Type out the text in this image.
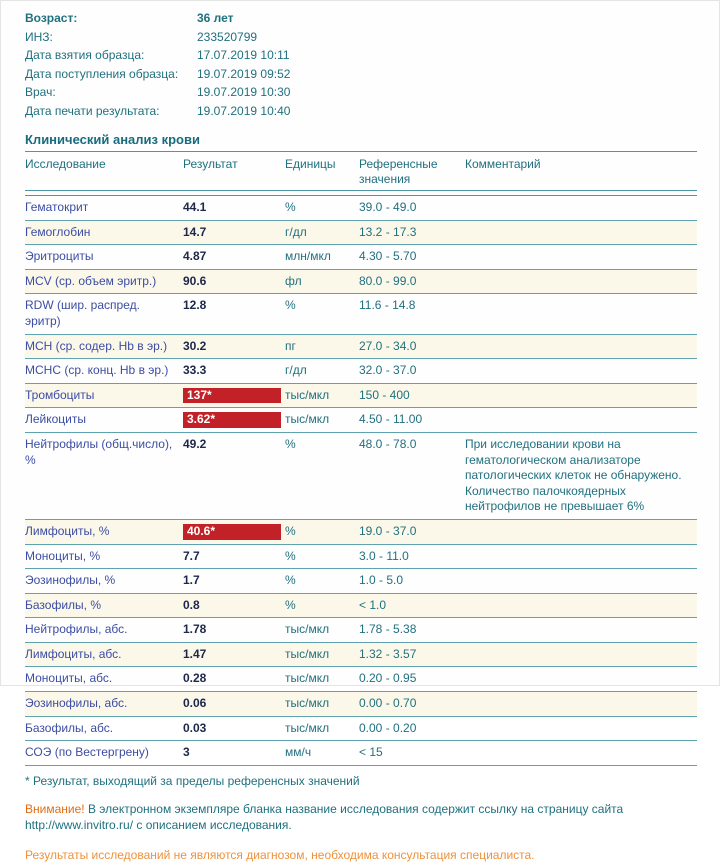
Возраст:	36 лет
ИНЗ:	233520799
Дата взятия образца:	17.07.2019 10:11
Дата поступления образца:	19.07.2019 09:52
Врач:	19.07.2019 10:30
Дата печати результата:	19.07.2019 10:40
Клинический анализ крови
Исследование	Результат	Единицы	Референсные значения	Комментарий

Гематокрит	44.1	%	39.0 - 49.0	
Гемоглобин	14.7	г/дл	13.2 - 17.3	
Эритроциты	4.87	млн/мкл	4.30 - 5.70	
MCV (ср. объем эритр.)	90.6	фл	80.0 - 99.0	
RDW (шир. распред. эритр)	12.8	%	11.6 - 14.8	
MCH (ср. содер. Hb в эр.)	30.2	пг	27.0 - 34.0	
MCHC (ср. конц. Hb в эр.)	33.3	г/дл	32.0 - 37.0	
Тромбоциты	137*	тыс/мкл	150 - 400	
Лейкоциты	3.62*	тыс/мкл	4.50 - 11.00	
Нейтрофилы (общ.число), %	49.2	%	48.0 - 78.0	При исследовании крови на гематологическом анализаторе патологических клеток не обнаружено. Количество палочкоядерных нейтрофилов не превышает 6%
Лимфоциты, %	40.6*	%	19.0 - 37.0	
Моноциты, %	7.7	%	3.0 - 11.0	
Эозинофилы, %	1.7	%	1.0 - 5.0	
Базофилы, %	0.8	%	< 1.0	
Нейтрофилы, абс.	1.78	тыс/мкл	1.78 - 5.38	
Лимфоциты, абс.	1.47	тыс/мкл	1.32 - 3.57	
Моноциты, абс.	0.28	тыс/мкл	0.20 - 0.95	
Эозинофилы, абс.	0.06	тыс/мкл	0.00 - 0.70	
Базофилы, абс.	0.03	тыс/мкл	0.00 - 0.20	
СОЭ (по Вестергрену)	3	мм/ч	< 15	
* Результат, выходящий за пределы референсных значений
Внимание! В электронном экземпляре бланка название исследования содержит ссылку на страницу сайта http://www.invitro.ru/ с описанием исследования.
Результаты исследований не являются диагнозом, необходима консультация специалиста.
